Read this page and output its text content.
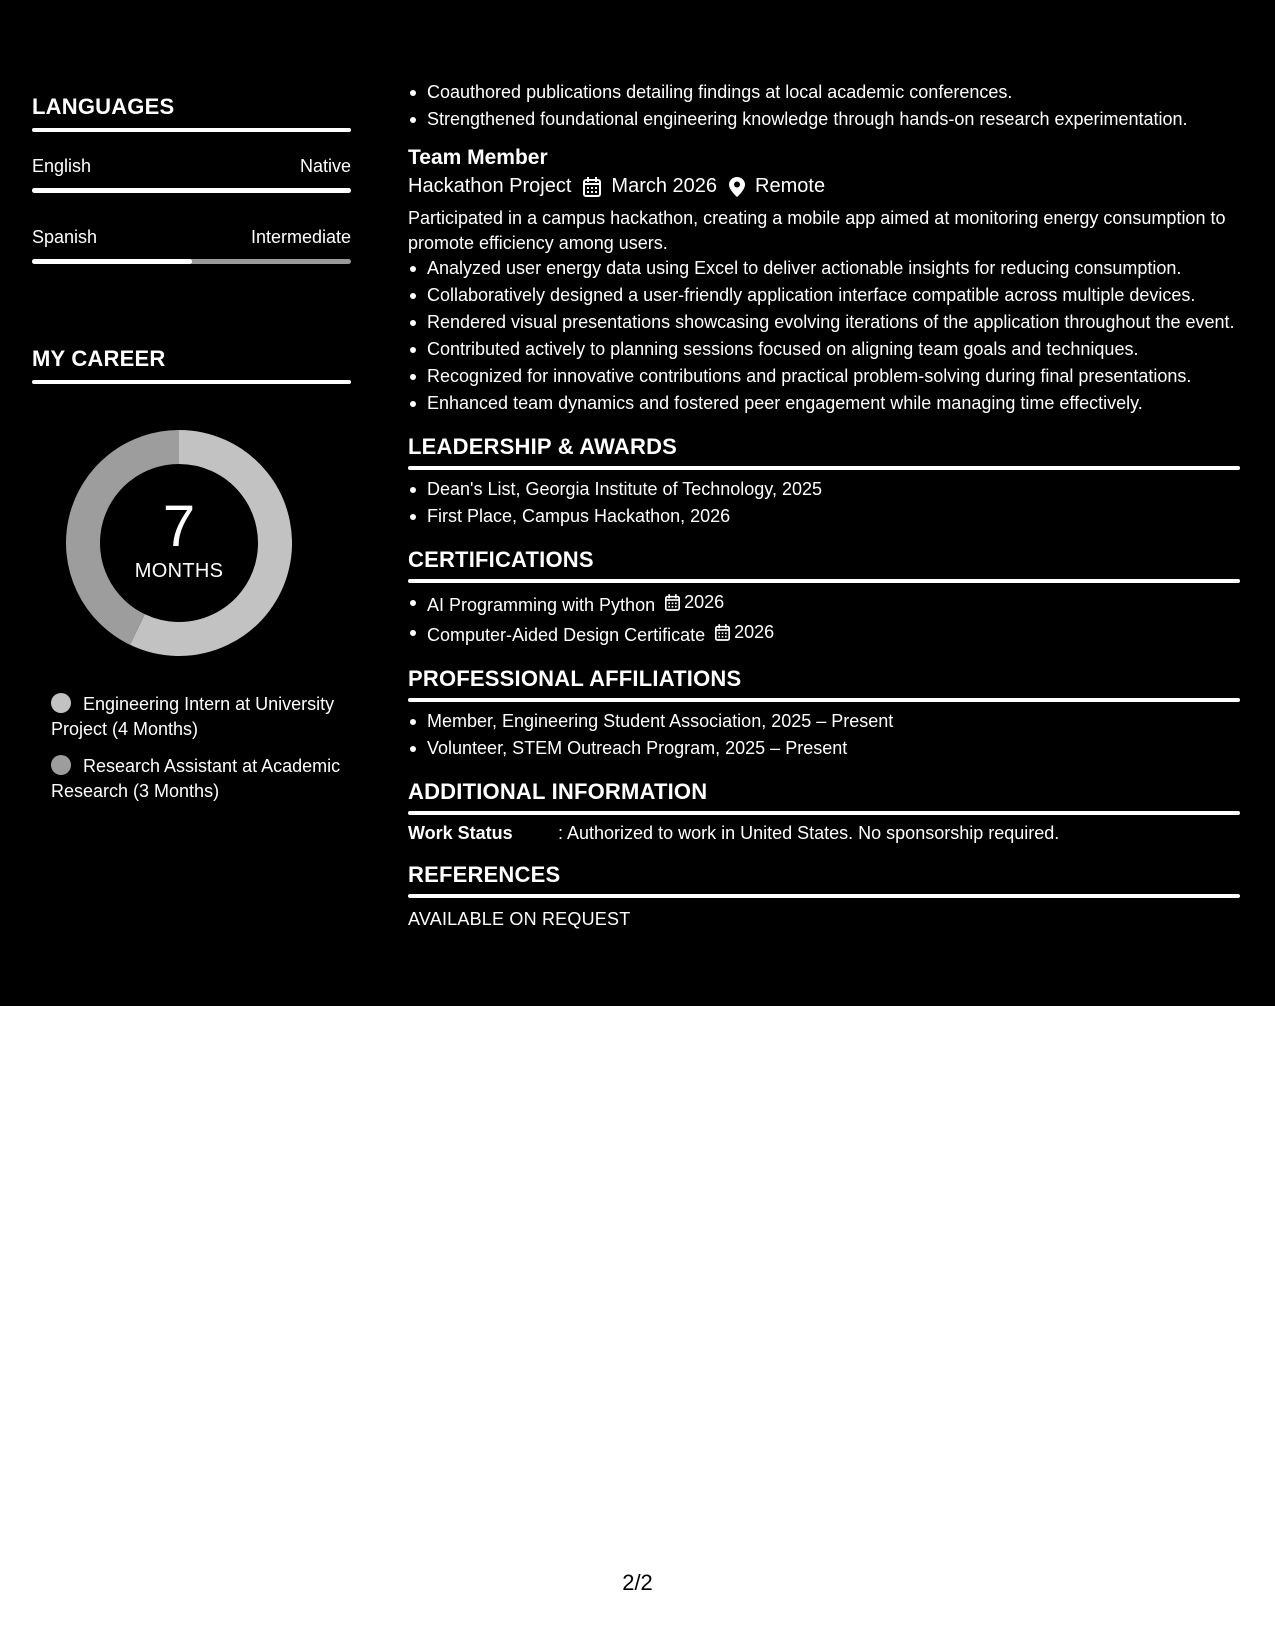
LANGUAGES
English	Native
Spanish	Intermediate
MY CAREER
7
MONTHS
Engineering Intern at University Project (4 Months)
Research Assistant at Academic Research (3 Months)
Coauthored publications detailing findings at local academic conferences.
Strengthened foundational engineering knowledge through hands-on research experimentation.
Team Member
Hackathon Project March 2026 Remote
Participated in a campus hackathon, creating a mobile app aimed at monitoring energy consumption to promote efficiency among users.
Analyzed user energy data using Excel to deliver actionable insights for reducing consumption.
Collaboratively designed a user-friendly application interface compatible across multiple devices.
Rendered visual presentations showcasing evolving iterations of the application throughout the event.
Contributed actively to planning sessions focused on aligning team goals and techniques.
Recognized for innovative contributions and practical problem-solving during final presentations.
Enhanced team dynamics and fostered peer engagement while managing time effectively.
LEADERSHIP & AWARDS
Dean's List, Georgia Institute of Technology, 2025
First Place, Campus Hackathon, 2026
CERTIFICATIONS
AI Programming with Python 2026
Computer-Aided Design Certificate 2026
PROFESSIONAL AFFILIATIONS
Member, Engineering Student Association, 2025 – Present
Volunteer, STEM Outreach Program, 2025 – Present
ADDITIONAL INFORMATION
Work Status	: Authorized to work in United States. No sponsorship required.
REFERENCES
AVAILABLE ON REQUEST
2/2
